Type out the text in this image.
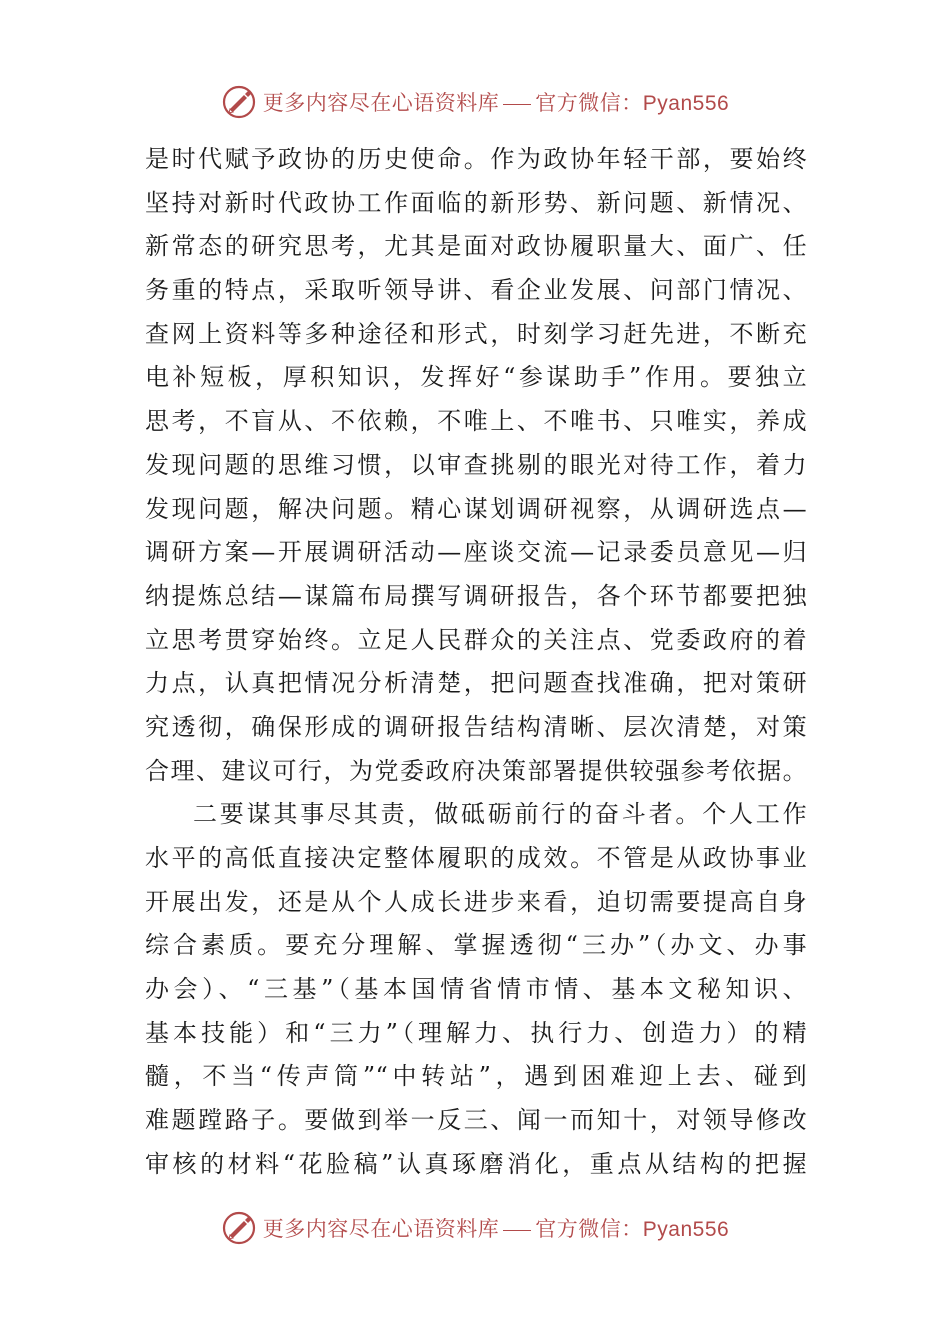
更多内容尽在心语资料库 官方微信：Pyan556
是时代赋予政协的历史使命。作为政协年轻干部，要始终
坚持对新时代政协工作面临的新形势、新问题、新情况、
新常态的研究思考，尤其是面对政协履职量大、面广、任
务重的特点，采取听领导讲、看企业发展、问部门情况、
查网上资料等多种途径和形式，时刻学习赶先进，不断充
电补短板，厚积知识，发挥好“参谋助手”作用。要独立
思考，不盲从、不依赖，不唯上、不唯书、只唯实，养成
发现问题的思维习惯，以审查挑剔的眼光对待工作，着力
发现问题，解决问题。精心谋划调研视察，从调研选点—
调研方案—开展调研活动—座谈交流—记录委员意见—归
纳提炼总结—谋篇布局撰写调研报告，各个环节都要把独
立思考贯穿始终。立足人民群众的关注点、党委政府的着
力点，认真把情况分析清楚，把问题查找准确，把对策研
究透彻，确保形成的调研报告结构清晰、层次清楚，对策
合理、建议可行，为党委政府决策部署提供较强参考依据。
二要谋其事尽其责，做砥砺前行的奋斗者。个人工作
水平的高低直接决定整体履职的成效。不管是从政协事业
开展出发，还是从个人成长进步来看，迫切需要提高自身
综合素质。要充分理解、掌握透彻“三办”（办文、办事
办会）、“三基”（基本国情省情市情、基本文秘知识、
基本技能）和“三力”（理解力、执行力、创造力）的精
髓，不当“传声筒”“中转站”，遇到困难迎上去、碰到
难题蹚路子。要做到举一反三、闻一而知十，对领导修改
审核的材料“花脸稿”认真琢磨消化，重点从结构的把握
更多内容尽在心语资料库 官方微信：Pyan556
